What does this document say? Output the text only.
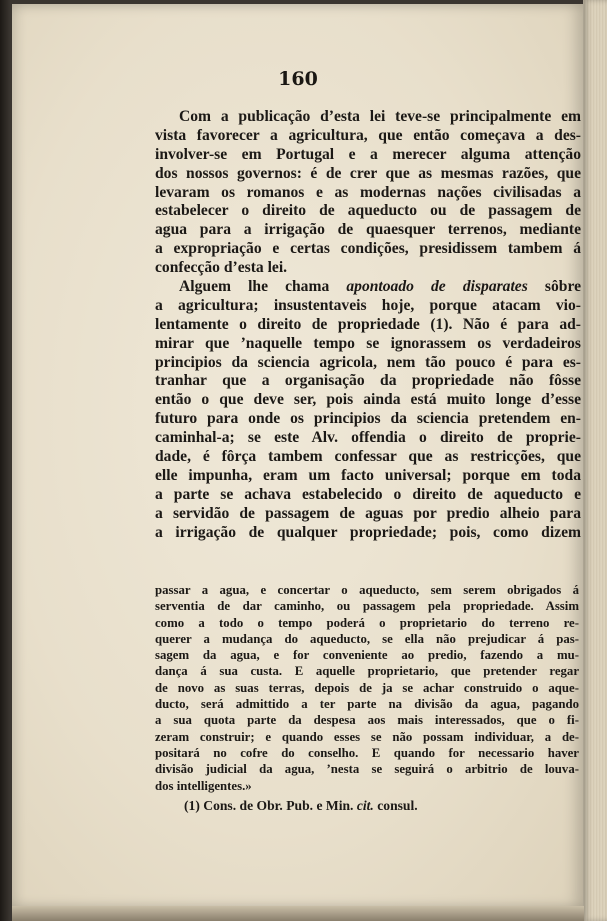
160
Com a publicação d’esta lei teve-se principalmente em
vista favorecer a agricultura, que então começava a des-
involver-se em Portugal e a merecer alguma attenção
dos nossos governos: é de crer que as mesmas razões, que
levaram os romanos e as modernas nações civilisadas a
estabelecer o direito de aqueducto ou de passagem de
agua para a irrigação de quaesquer terrenos, mediante
a expropriação e certas condições, presidissem tambem á
confecção d’esta lei.
Alguem lhe chama apontoado de disparates sôbre
a agricultura; insustentaveis hoje, porque atacam vio-
lentamente o direito de propriedade (1). Não é para ad-
mirar que ’naquelle tempo se ignorassem os verdadeiros
principios da sciencia agricola, nem tão pouco é para es-
tranhar que a organisação da propriedade não fôsse
então o que deve ser, pois ainda está muito longe d’esse
futuro para onde os principios da sciencia pretendem en-
caminhal-a; se este Alv. offendia o direito de proprie-
dade, é fôrça tambem confessar que as restricções, que
elle impunha, eram um facto universal; porque em toda
a parte se achava estabelecido o direito de aqueducto e
a servidão de passagem de aguas por predio alheio para
a irrigação de qualquer propriedade; pois, como dizem
passar a agua, e concertar o aqueducto, sem serem obrigados á
serventia de dar caminho, ou passagem pela propriedade. Assim
como a todo o tempo poderá o proprietario do terreno re-
querer a mudança do aqueducto, se ella não prejudicar á pas-
sagem da agua, e for conveniente ao predio, fazendo a mu-
dança á sua custa. E aquelle proprietario, que pretender regar
de novo as suas terras, depois de ja se achar construido o aque-
ducto, será admittido a ter parte na divisão da agua, pagando
a sua quota parte da despesa aos mais interessados, que o fi-
zeram construir; e quando esses se não possam individuar, a de-
positará no cofre do conselho. E quando for necessario haver
divisão judicial da agua, ’nesta se seguirá o arbitrio de louva-
dos intelligentes.»
(1) Cons. de Obr. Pub. e Min. cit. consul.
